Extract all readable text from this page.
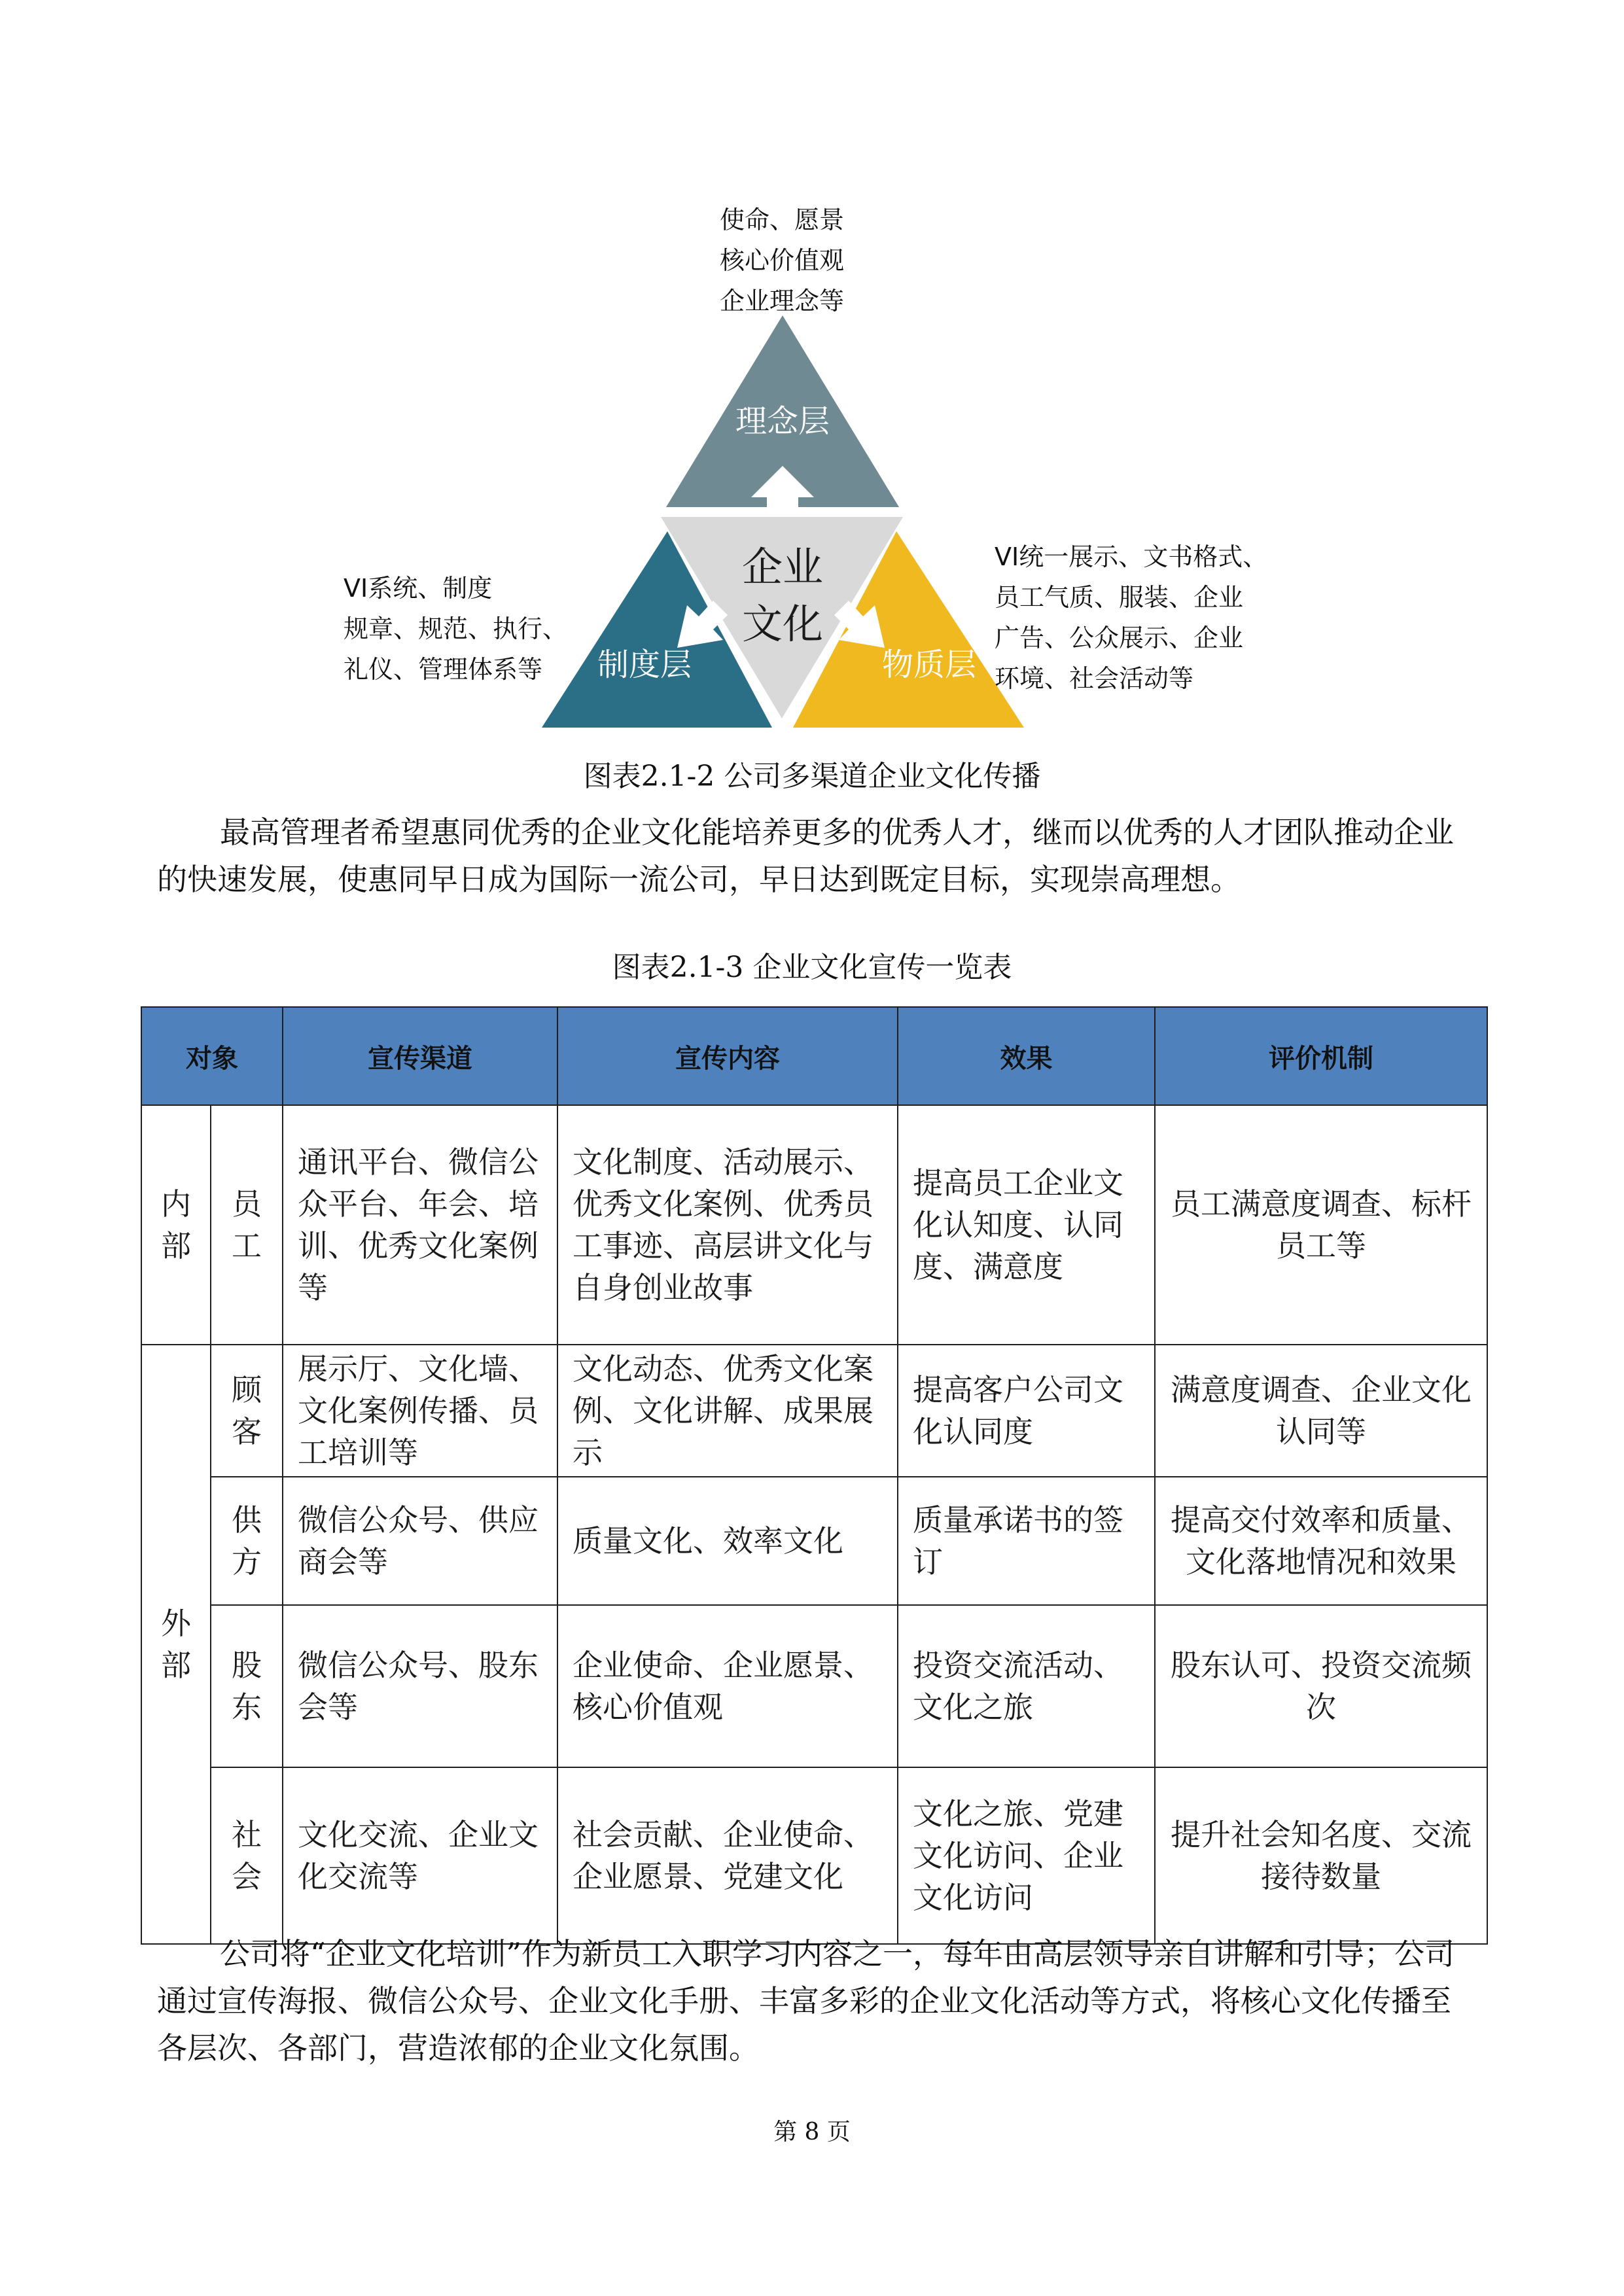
理念层
制度层	物质层
企业
文化
使命、愿景
核心价值观
企业理念等
VI系统、制度
规章、规范、执行、
礼仪、管理体系等
VI统一展示、文书格式、
员工气质、服装、企业
广告、公众展示、企业
环境、社会活动等
图表2.1-2 公司多渠道企业文化传播
最高管理者希望惠同优秀的企业文化能培养更多的优秀人才，继而以优秀的人才团队推动企业的快速发展，使惠同早日成为国际一流公司，早日达到既定目标，实现崇高理想。
图表2.1-3 企业文化宣传一览表
对象		宣传渠道	宣传内容	效果	评价机制
内部	员工	通讯平台、微信公众平台、年会、培训、优秀文化案例等	文化制度、活动展示、优秀文化案例、优秀员工事迹、高层讲文化与自身创业故事	提高员工企业文化认知度、认同度、满意度	员工满意度调查、标杆员工等
外部	顾客	展示厅、文化墙、文化案例传播、员工培训等	文化动态、优秀文化案例、文化讲解、成果展示	提高客户公司文化认同度	满意度调查、企业文化认同等
	供方	微信公众号、供应商会等	质量文化、效率文化	质量承诺书的签订	提高交付效率和质量、文化落地情况和效果
	股东	微信公众号、股东会等	企业使命、企业愿景、核心价值观	投资交流活动、文化之旅	股东认可、投资交流频次
	社会	文化交流、企业文化交流等	社会贡献、企业使命、企业愿景、党建文化	文化之旅、党建文化访问、企业文化访问	提升社会知名度、交流接待数量
公司将“企业文化培训”作为新员工入职学习内容之一，每年由高层领导亲自讲解和引导；公司通过宣传海报、微信公众号、企业文化手册、丰富多彩的企业文化活动等方式，将核心文化传播至各层次、各部门，营造浓郁的企业文化氛围。
第 8 页
